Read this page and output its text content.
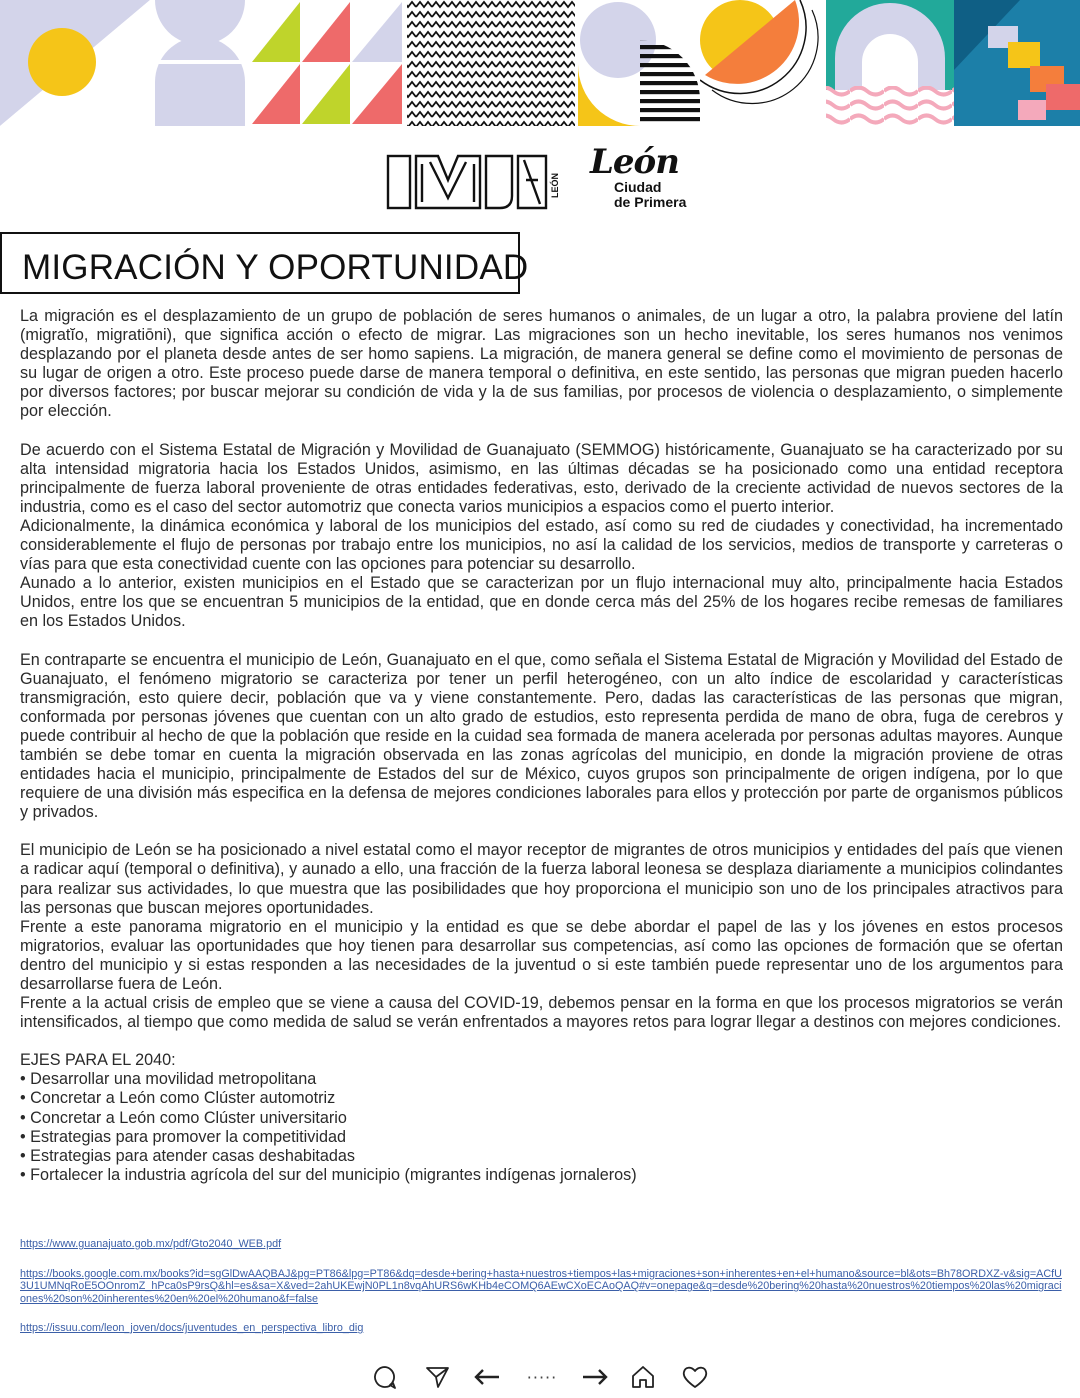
LEÓN
León
Ciudad
de Primera
MIGRACIÓN Y OPORTUNIDAD

La migración es el desplazamiento de un grupo de población de seres humanos o animales, de un lugar a otro, la palabra proviene del latín (migratĭo, migratiōni), que significa acción o efecto de migrar. Las migraciones son un hecho inevitable, los seres humanos nos venimos desplazando por el planeta desde antes de ser homo sapiens. La migración, de manera general se define como el movimiento de personas de su lugar de origen a otro. Este proceso puede darse de manera temporal o definitiva, en este sentido, las personas que migran pueden hacerlo por diversos factores; por buscar mejorar su condición de vida y la de sus familias, por procesos de violencia o desplazamiento, o simplemente por elección.

De acuerdo con el Sistema Estatal de Migración y Movilidad de Guanajuato (SEMMOG) históricamente, Guanajuato se ha caracterizado por su alta intensidad migratoria hacia los Estados Unidos, asimismo, en las últimas décadas se ha posicionado como una entidad receptora principalmente de fuerza laboral proveniente de otras entidades federativas, esto, derivado de la creciente actividad de nuevos sectores de la industria, como es el caso del sector automotriz que conecta varios municipios a espacios como el puerto interior.

Adicionalmente, la dinámica económica y laboral de los municipios del estado, así como su red de ciudades y conectividad, ha incrementado considerablemente el flujo de personas por trabajo entre los municipios, no así la calidad de los servicios, medios de transporte y carreteras o vías para que esta conectividad cuente con las opciones para potenciar su desarrollo.

Aunado a lo anterior, existen municipios en el Estado que se caracterizan por un flujo internacional muy alto, principalmente hacia Estados Unidos, entre los que se encuentran 5 municipios de la entidad, que en donde cerca más del 25% de los hogares recibe remesas de familiares en los Estados Unidos.

En contraparte se encuentra el municipio de León, Guanajuato en el que, como señala el Sistema Estatal de Migración y Movilidad del Estado de Guanajuato, el fenómeno migratorio se caracteriza por tener un perfil heterogéneo, con un alto índice de escolaridad y características transmigración, esto quiere decir, población que va y viene constantemente. Pero, dadas las características de las personas que migran, conformada por personas jóvenes que cuentan con un alto grado de estudios, esto representa perdida de mano de obra, fuga de cerebros y puede contribuir al hecho de que la población que reside en la cuidad sea formada de manera acelerada por personas adultas mayores. Aunque también se debe tomar en cuenta la migración observada en las zonas agrícolas del municipio, en donde la migración proviene de otras entidades hacia el municipio, principalmente de Estados del sur de México, cuyos grupos son principalmente de origen indígena, por lo que requiere de una división más especifica en la defensa de mejores condiciones laborales para ellos y protección por parte de organismos públicos y privados.

El municipio de León se ha posicionado a nivel estatal como el mayor receptor de migrantes de otros municipios y entidades del país que vienen a radicar aquí (temporal o definitiva), y aunado a ello, una fracción de la fuerza laboral leonesa se desplaza diariamente a municipios colindantes para realizar sus actividades, lo que muestra que las posibilidades que hoy proporciona el municipio son uno de los principales atractivos para las personas que buscan mejores oportunidades.

Frente a este panorama migratorio en el municipio y la entidad es que se debe abordar el papel de las y los jóvenes en estos procesos migratorios, evaluar las oportunidades que hoy tienen para desarrollar sus competencias, así como las opciones de formación que se ofertan dentro del municipio y si estas responden a las necesidades de la juventud o si este también puede representar uno de los argumentos para desarrollarse fuera de León.

Frente a la actual crisis de empleo que se viene a causa del COVID-19, debemos pensar en la forma en que los procesos migratorios se verán intensificados, al tiempo que como medida de salud se verán enfrentados a mayores retos para lograr llegar a destinos con mejores condiciones.

EJES PARA EL 2040:
• Desarrollar una movilidad metropolitana
• Concretar a León como Clúster automotriz
• Concretar a León como Clúster universitario
• Estrategias para promover la competitividad
• Estrategias para atender casas deshabitadas
• Fortalecer la industria agrícola del sur del municipio (migrantes indígenas jornaleros)
https://www.guanajuato.gob.mx/pdf/Gto2040_WEB.pdf
https://books.google.com.mx/books?id=sgGlDwAAQBAJ&pg=PT86&lpg=PT86&dq=desde+bering+hasta+nuestros+tiempos+las+migraciones+son+inherentes+en+el+humano&source=bl&ots=Bh78ORDXZ-v&sig=ACfU3U1UMNqRoE5OOnromZ_hPca0sP9rsQ&hl=es&sa=X&ved=2ahUKEwjN0PL1n8vqAhURS6wKHb4eCOMQ6AEwCXoECAoQAQ#v=onepage&q=desde%20bering%20hasta%20nuestros%20tiempos%20las%20migraciones%20son%20inherentes%20en%20el%20humano&f=false
https://issuu.com/leon_joven/docs/juventudes_en_perspectiva_libro_dig
·····
